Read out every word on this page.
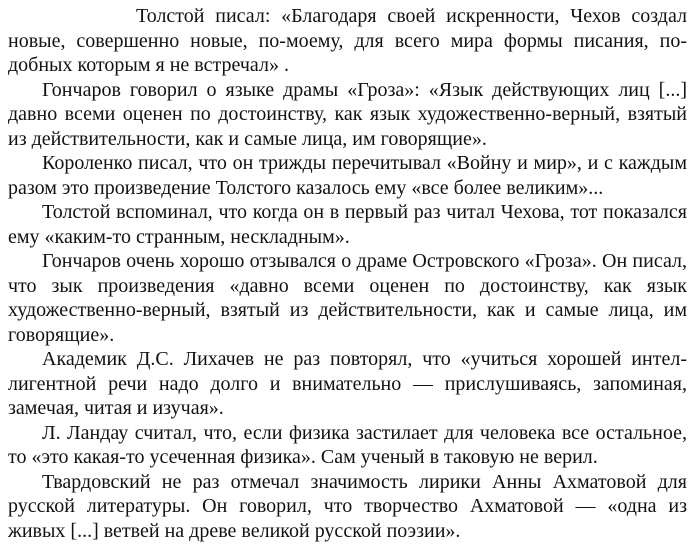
Толстой писал: «Благодаря своей искренности, Чехов создал новые, совершенно новые, по-моему, для всего мира формы писания, подобных которым я не встречал» .

Гончаров говорил о языке драмы «Гроза»: «Язык действующих лиц [...] давно всеми оценен по достоинству, как язык художественно-верный, взятый из действительности, как и самые лица, им говорящие».

Короленко писал, что он трижды перечитывал «Войну и мир», и с каждым разом это произведение Толстого казалось ему «все более великим»...

Толстой вспоминал, что когда он в первый раз читал Чехова, тот показался ему «каким-то странным, нескладным».

Гончаров очень хорошо отзывался о драме Островского «Гроза». Он писал, что зык произведения «давно всеми оценен по достоинству, как язык художественно-верный, взятый из действительности, как и самые лица, им говорящие».

Академик Д.С. Лихачев не раз повторял, что «учиться хорошей интеллигентной речи надо долго и внимательно — прислушиваясь, запоминая, замечая, читая и изучая».

Л. Ландау считал, что, если физика застилает для человека все остальное, то «это какая-то усеченная физика». Сам ученый в таковую не верил.

Твардовский не раз отмечал значимость лирики Анны Ахматовой для русской литературы. Он говорил, что творчество Ахматовой — «одна из живых [...] ветвей на древе великой русской поэзии».
